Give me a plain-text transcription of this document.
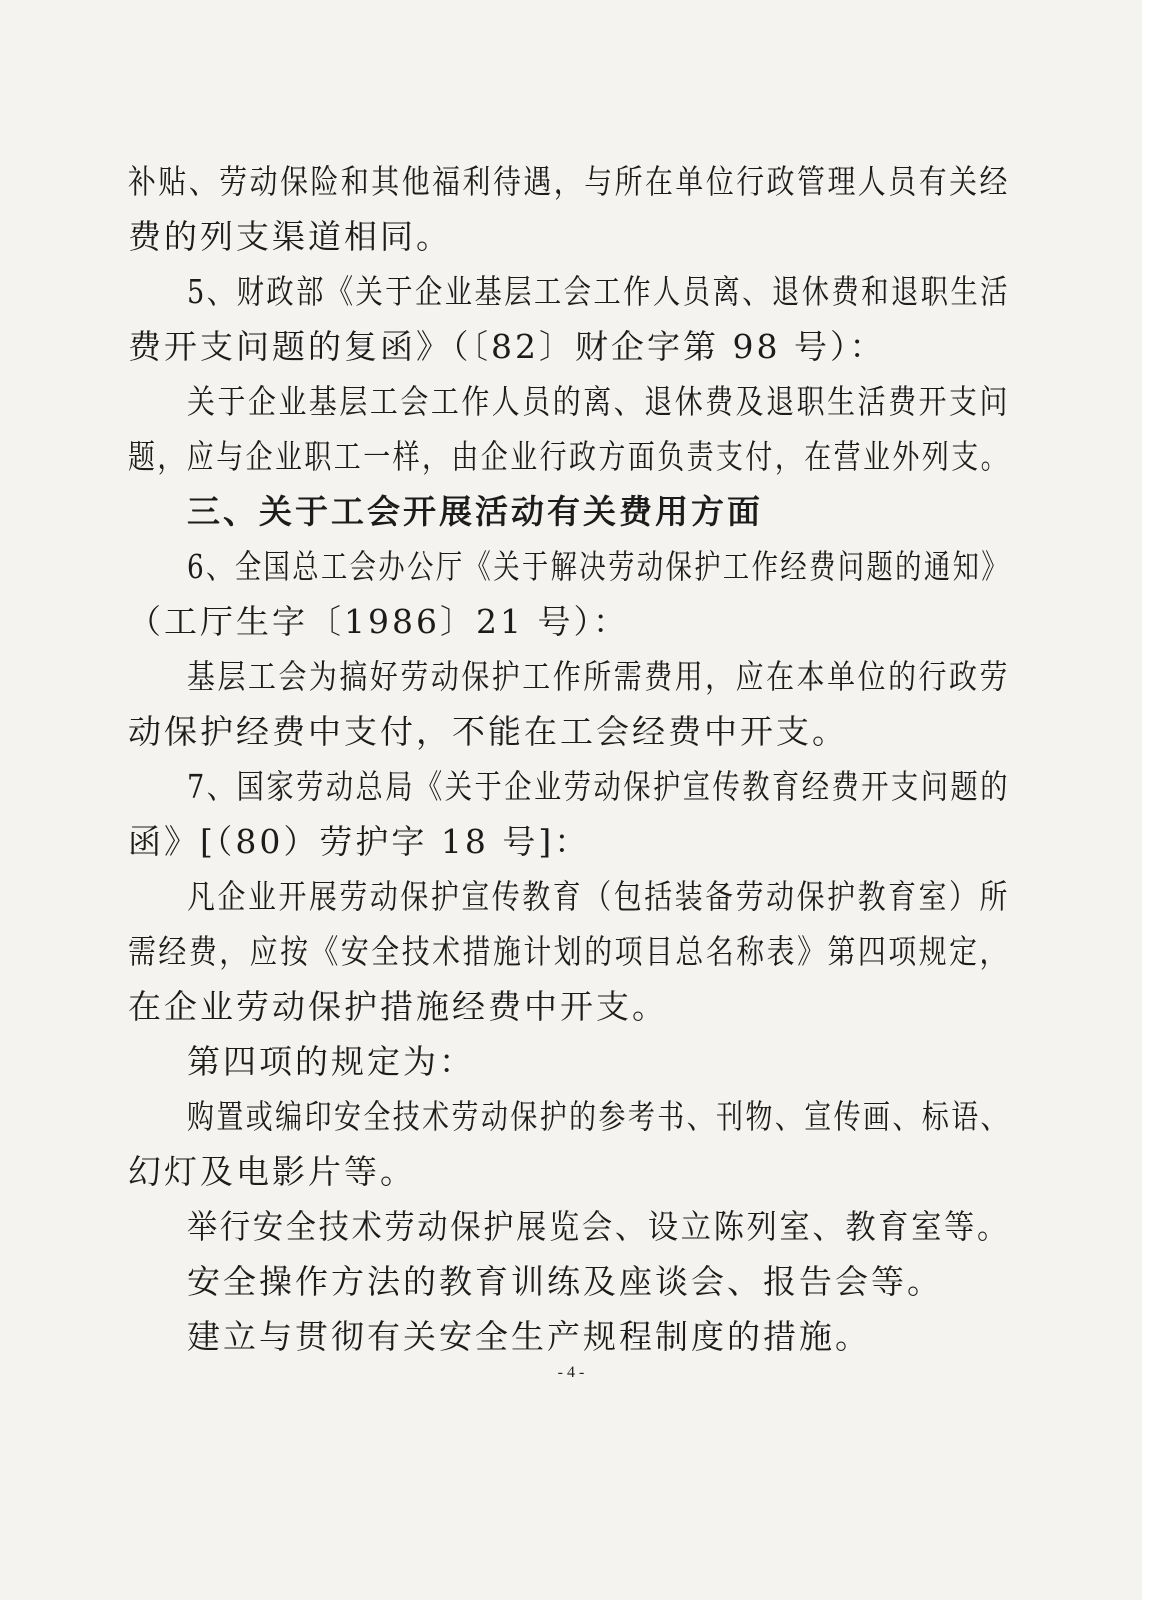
补贴、劳动保险和其他福利待遇，与所在单位行政管理人员有关经
费的列支渠道相同。
5、财政部《关于企业基层工会工作人员离、退休费和退职生活
费开支问题的复函》（〔82〕财企字第 98 号）：
关于企业基层工会工作人员的离、退休费及退职生活费开支问
题，应与企业职工一样，由企业行政方面负责支付，在营业外列支。
三、关于工会开展活动有关费用方面
6、全国总工会办公厅《关于解决劳动保护工作经费问题的通知》
（工厅生字〔1986〕21 号）：
基层工会为搞好劳动保护工作所需费用，应在本单位的行政劳
动保护经费中支付，不能在工会经费中开支。
7、国家劳动总局《关于企业劳动保护宣传教育经费开支问题的
函》[（80）劳护字 18 号]：
凡企业开展劳动保护宣传教育（包括装备劳动保护教育室）所
需经费，应按《安全技术措施计划的项目总名称表》第四项规定，
在企业劳动保护措施经费中开支。
第四项的规定为：
购置或编印安全技术劳动保护的参考书、刊物、宣传画、标语、
幻灯及电影片等。
举行安全技术劳动保护展览会、设立陈列室、教育室等。
安全操作方法的教育训练及座谈会、报告会等。
建立与贯彻有关安全生产规程制度的措施。
- 4 -
